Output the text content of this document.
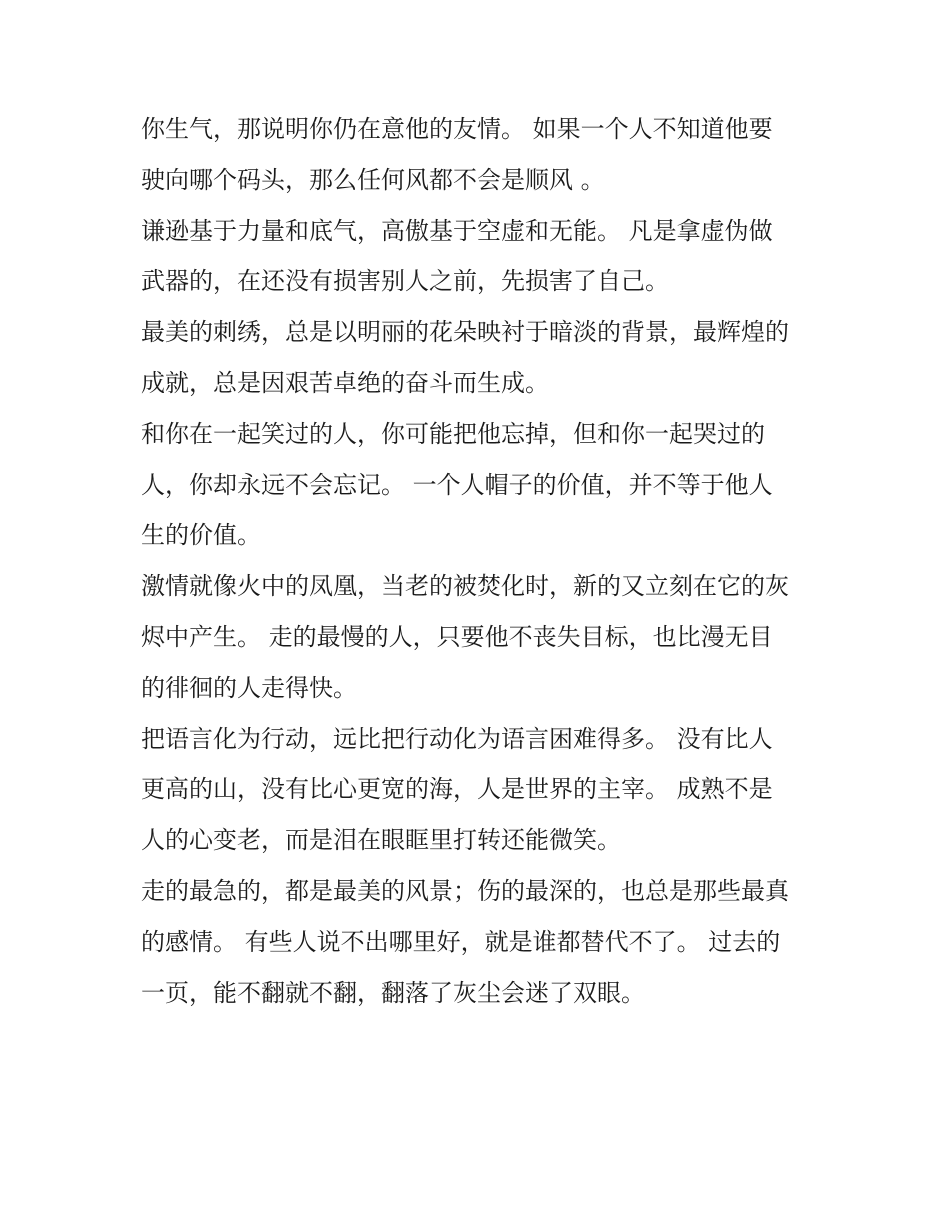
你生气，那说明你仍在意他的友情。 如果一个人不知道他要
驶向哪个码头，那么任何风都不会是顺风 。
谦逊基于力量和底气，高傲基于空虚和无能。 凡是拿虚伪做
武器的，在还没有损害别人之前，先损害了自己。
最美的刺绣，总是以明丽的花朵映衬于暗淡的背景，最辉煌的
成就，总是因艰苦卓绝的奋斗而生成。
和你在一起笑过的人，你可能把他忘掉，但和你一起哭过的
人，你却永远不会忘记。 一个人帽子的价值，并不等于他人
生的价值。
激情就像火中的凤凰，当老的被焚化时，新的又立刻在它的灰
烬中产生。 走的最慢的人，只要他不丧失目标，也比漫无目
的徘徊的人走得快。
把语言化为行动，远比把行动化为语言困难得多。 没有比人
更高的山，没有比心更宽的海，人是世界的主宰。 成熟不是
人的心变老，而是泪在眼眶里打转还能微笑。
走的最急的，都是最美的风景；伤的最深的，也总是那些最真
的感情。 有些人说不出哪里好，就是谁都替代不了。 过去的
一页，能不翻就不翻，翻落了灰尘会迷了双眼。
